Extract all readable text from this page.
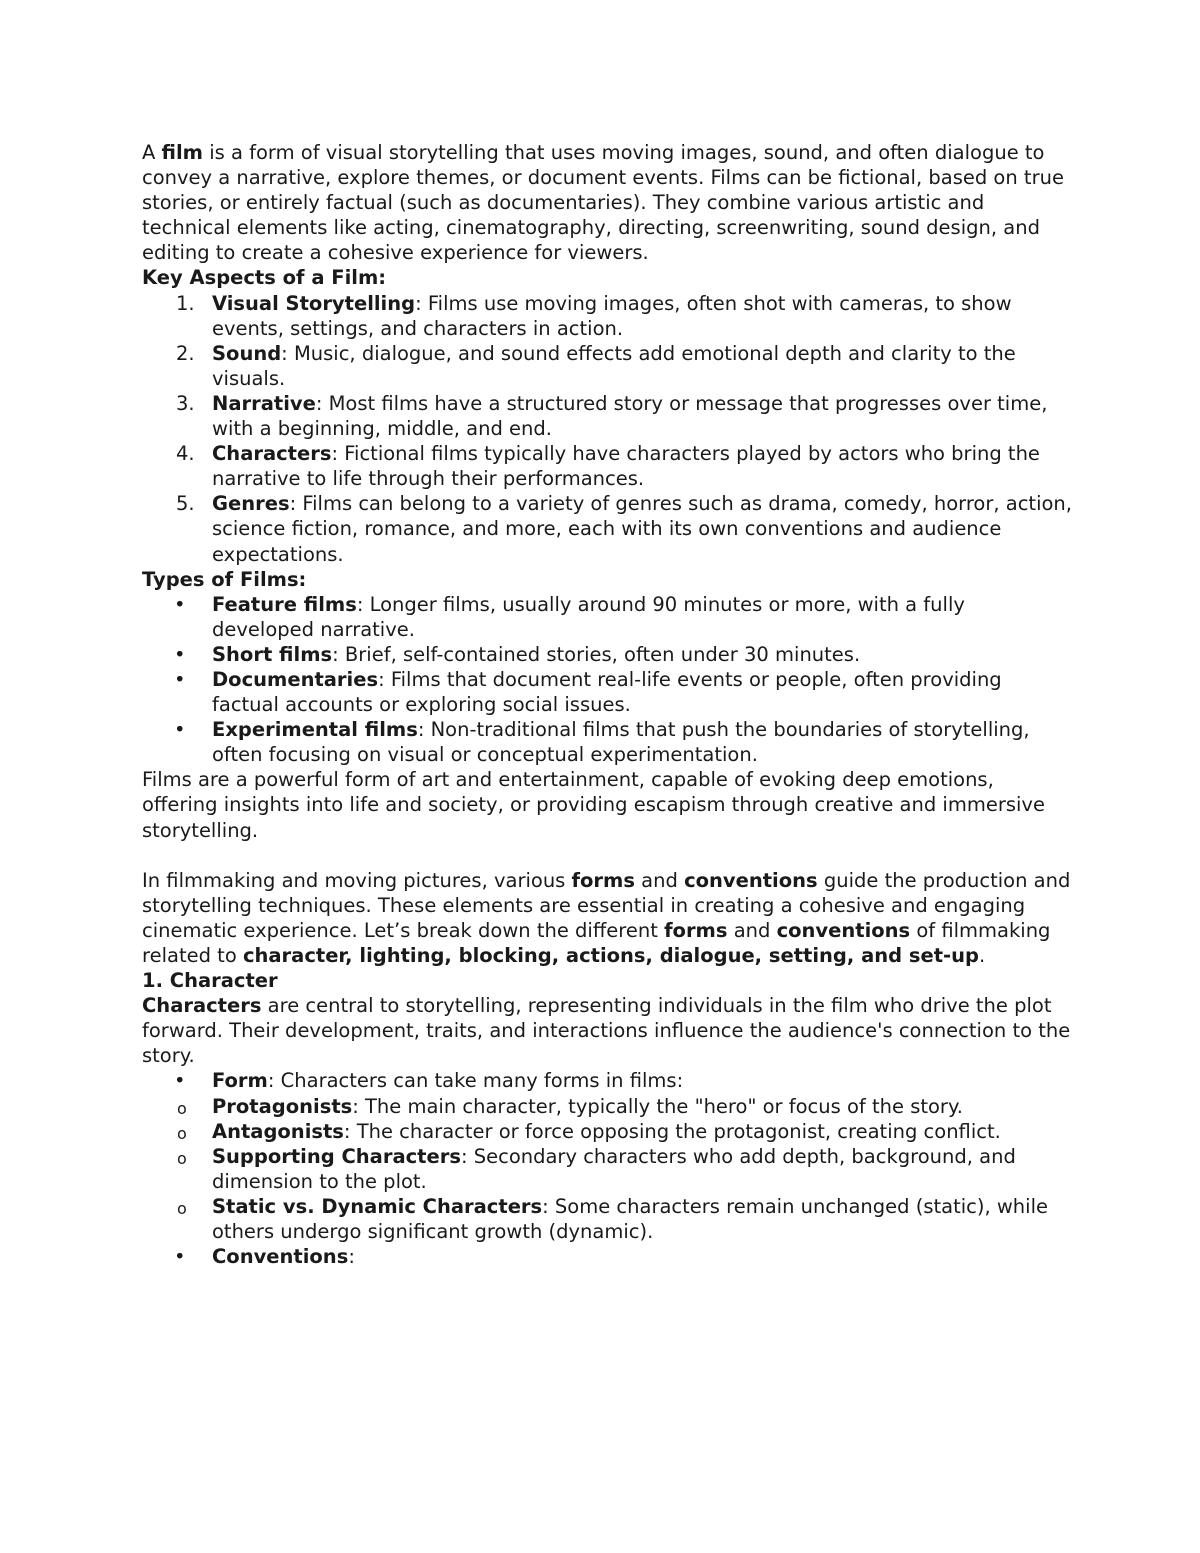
A film is a form of visual storytelling that uses moving images, sound, and often dialogue to convey a narrative, explore themes, or document events. Films can be fictional, based on true stories, or entirely factual (such as documentaries). They combine various artistic and technical elements like acting, cinematography, directing, screenwriting, sound design, and editing to create a cohesive experience for viewers.

Key Aspects of a Film:

1. Visual Storytelling: Films use moving images, often shot with cameras, to show events, settings, and characters in action.
2. Sound: Music, dialogue, and sound effects add emotional depth and clarity to the visuals.
3. Narrative: Most films have a structured story or message that progresses over time, with a beginning, middle, and end.
4. Characters: Fictional films typically have characters played by actors who bring the narrative to life through their performances.
5. Genres: Films can belong to a variety of genres such as drama, comedy, horror, action, science fiction, romance, and more, each with its own conventions and audience expectations.

Types of Films:

• Feature films: Longer films, usually around 90 minutes or more, with a fully developed narrative.
• Short films: Brief, self-contained stories, often under 30 minutes.
• Documentaries: Films that document real-life events or people, often providing factual accounts or exploring social issues.
• Experimental films: Non-traditional films that push the boundaries of storytelling, often focusing on visual or conceptual experimentation.

Films are a powerful form of art and entertainment, capable of evoking deep emotions, offering insights into life and society, or providing escapism through creative and immersive storytelling.

In filmmaking and moving pictures, various forms and conventions guide the production and storytelling techniques. These elements are essential in creating a cohesive and engaging cinematic experience. Let’s break down the different forms and conventions of filmmaking related to character, lighting, blocking, actions, dialogue, setting, and set-up.

1. Character

Characters are central to storytelling, representing individuals in the film who drive the plot forward. Their development, traits, and interactions influence the audience's connection to the story.

• Form: Characters can take many forms in films:
o Protagonists: The main character, typically the "hero" or focus of the story.
o Antagonists: The character or force opposing the protagonist, creating conflict.
o Supporting Characters: Secondary characters who add depth, background, and dimension to the plot.
o Static vs. Dynamic Characters: Some characters remain unchanged (static), while others undergo significant growth (dynamic).
• Conventions:
